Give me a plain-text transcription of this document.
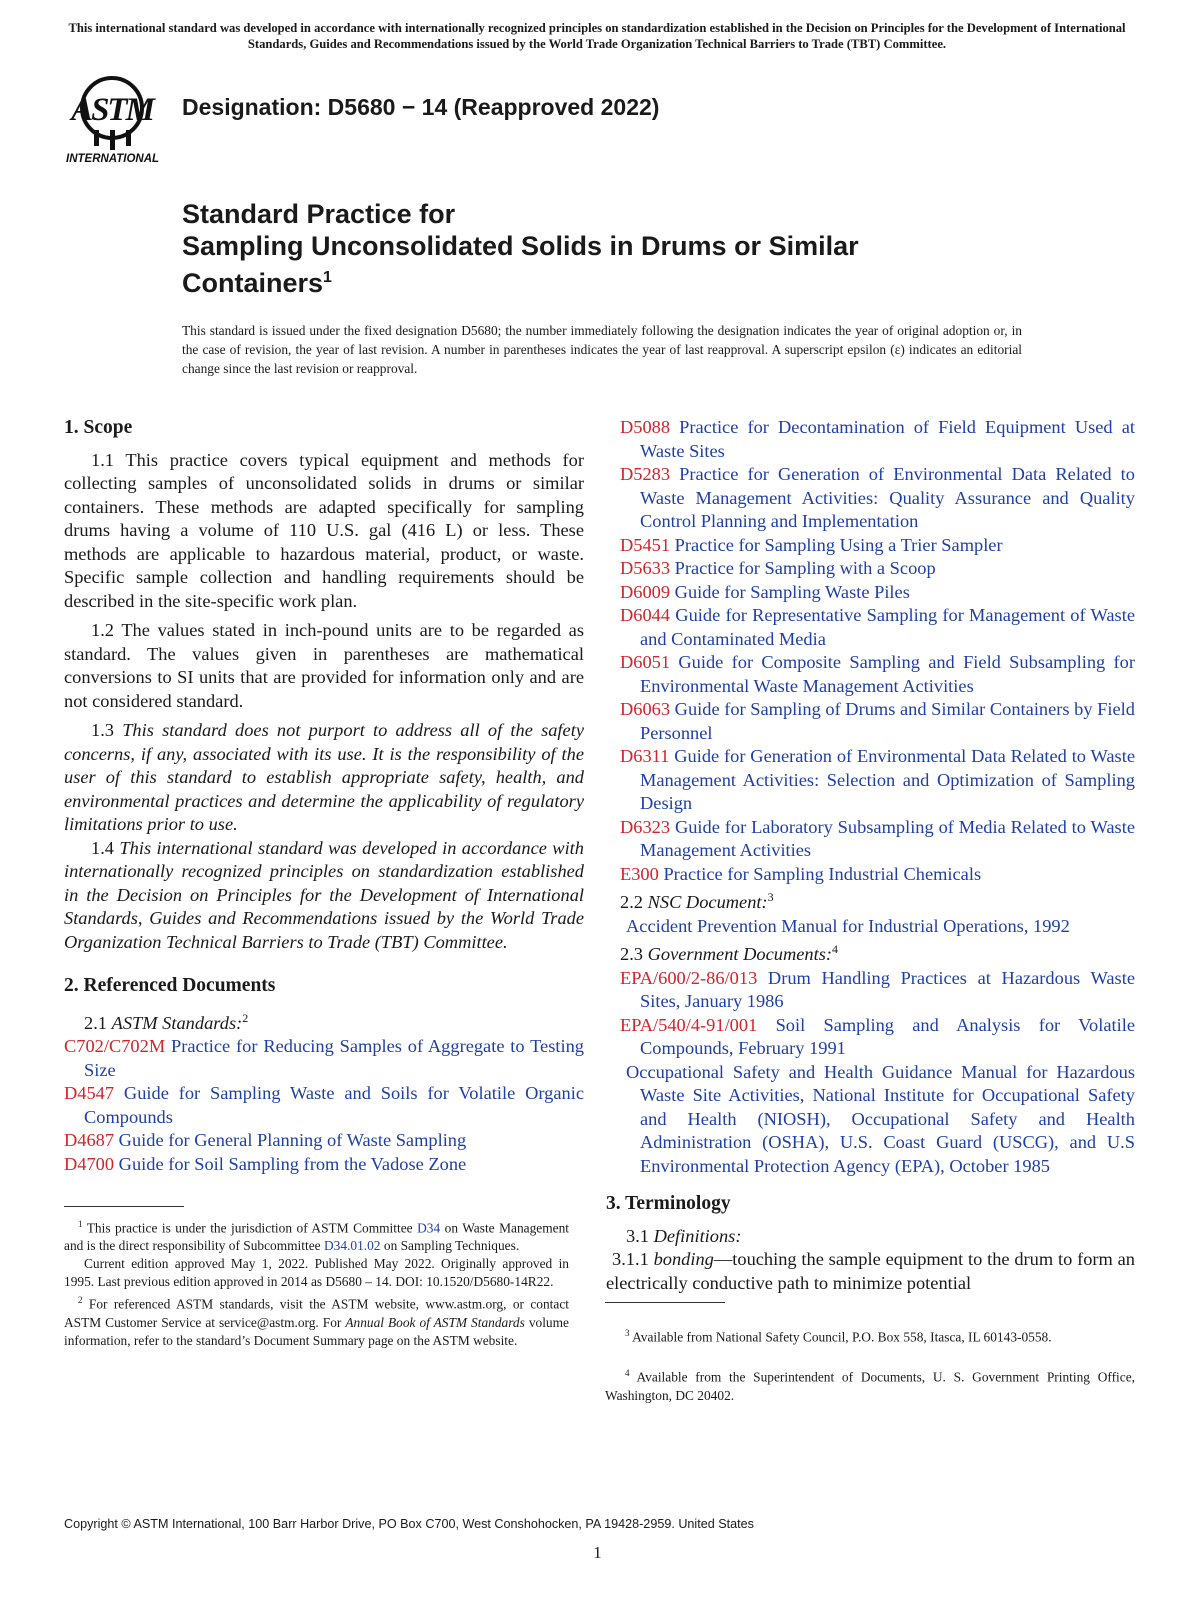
This international standard was developed in accordance with internationally recognized principles on standardization established in the Decision on Principles for the Development of International Standards, Guides and Recommendations issued by the World Trade Organization Technical Barriers to Trade (TBT) Committee.
ASTM
INTERNATIONAL
Designation: D5680 − 14 (Reapproved 2022)
Standard Practice for
Sampling Unconsolidated Solids in Drums or Similar
Containers$^1$
This standard is issued under the fixed designation D5680; the number immediately following the designation indicates the year of original adoption or, in the case of revision, the year of last revision. A number in parentheses indicates the year of last reapproval. A superscript epsilon (ε) indicates an editorial change since the last revision or reapproval.
1. Scope

1.1 This practice covers typical equipment and methods for collecting samples of unconsolidated solids in drums or similar containers. These methods are adapted specifically for sampling drums having a volume of 110 U.S. gal (416 L) or less. These methods are applicable to hazardous material, product, or waste. Specific sample collection and handling requirements should be described in the site-specific work plan.

1.2 The values stated in inch-pound units are to be regarded as standard. The values given in parentheses are mathematical conversions to SI units that are provided for information only and are not considered standard.

1.3 This standard does not purport to address all of the safety concerns, if any, associated with its use. It is the responsibility of the user of this standard to establish appropriate safety, health, and environmental practices and determine the applicability of regulatory limitations prior to use.

1.4 This international standard was developed in accordance with internationally recognized principles on standardization established in the Decision on Principles for the Development of International Standards, Guides and Recommendations issued by the World Trade Organization Technical Barriers to Trade (TBT) Committee.

2. Referenced Documents

2.1 ASTM Standards:$^2$

C702/C702M Practice for Reducing Samples of Aggregate to Testing Size

D4547 Guide for Sampling Waste and Soils for Volatile Organic Compounds

D4687 Guide for General Planning of Waste Sampling

D4700 Guide for Soil Sampling from the Vadose Zone

D5088 Practice for Decontamination of Field Equipment Used at Waste Sites

D5283 Practice for Generation of Environmental Data Related to Waste Management Activities: Quality Assurance and Quality Control Planning and Implementation

D5451 Practice for Sampling Using a Trier Sampler

D5633 Practice for Sampling with a Scoop

D6009 Guide for Sampling Waste Piles

D6044 Guide for Representative Sampling for Management of Waste and Contaminated Media

D6051 Guide for Composite Sampling and Field Subsampling for Environmental Waste Management Activities

D6063 Guide for Sampling of Drums and Similar Containers by Field Personnel

D6311 Guide for Generation of Environmental Data Related to Waste Management Activities: Selection and Optimization of Sampling Design

D6323 Guide for Laboratory Subsampling of Media Related to Waste Management Activities

E300 Practice for Sampling Industrial Chemicals

2.2 NSC Document:$^3$

Accident Prevention Manual for Industrial Operations, 1992

2.3 Government Documents:$^4$

EPA/600/2-86/013 Drum Handling Practices at Hazardous Waste Sites, January 1986

EPA/540/4-91/001 Soil Sampling and Analysis for Volatile Compounds, February 1991

Occupational Safety and Health Guidance Manual for Hazardous Waste Site Activities, National Institute for Occupational Safety and Health (NIOSH), Occupational Safety and Health Administration (OSHA), U.S. Coast Guard (USCG), and U.S Environmental Protection Agency (EPA), October 1985

3. Terminology

3.1 Definitions:

3.1.1 bonding—touching the sample equipment to the drum to form an electrically conductive path to minimize potential

$^1$ This practice is under the jurisdiction of ASTM Committee D34 on Waste Management and is the direct responsibility of Subcommittee D34.01.02 on Sampling Techniques.
Current edition approved May 1, 2022. Published May 2022. Originally approved in 1995. Last previous edition approved in 2014 as D5680 – 14. DOI: 10.1520/D5680-14R22.
$^2$ For referenced ASTM standards, visit the ASTM website, www.astm.org, or contact ASTM Customer Service at service@astm.org. For Annual Book of ASTM Standards volume information, refer to the standard’s Document Summary page on the ASTM website.	$^3$ Available from National Safety Council, P.O. Box 558, Itasca, IL 60143-0558.
$^4$ Available from the Superintendent of Documents, U. S. Government Printing Office, Washington, DC 20402.
Copyright © ASTM International, 100 Barr Harbor Drive, PO Box C700, West Conshohocken, PA 19428-2959. United States
1
